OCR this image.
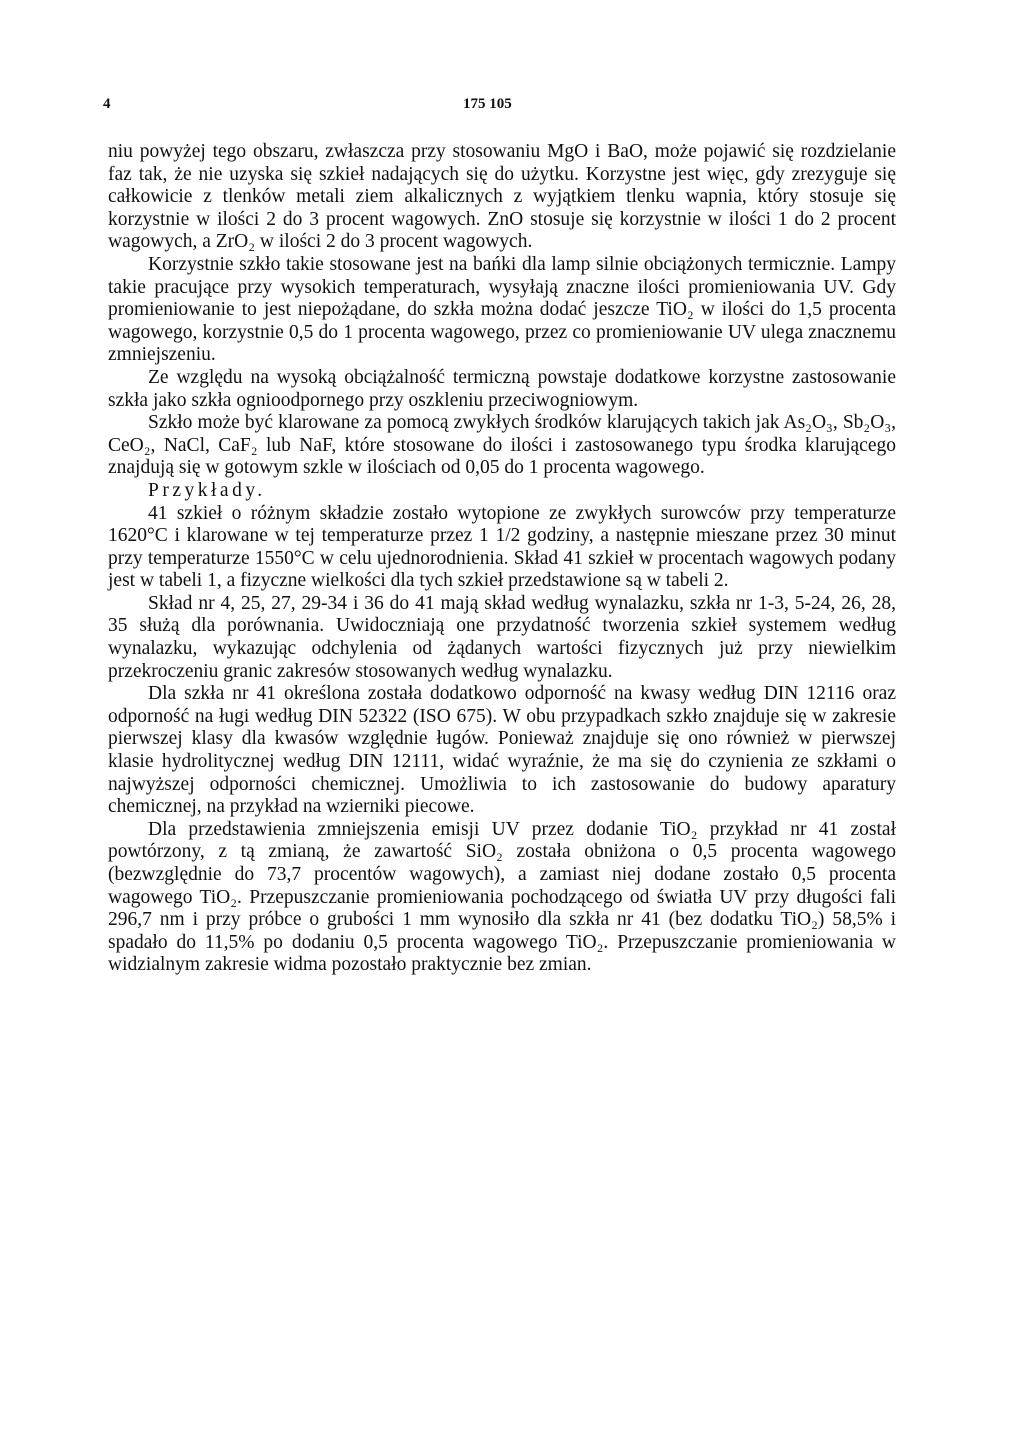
4	175 105

niu powyżej tego obszaru, zwłaszcza przy stosowaniu MgO i BaO, może pojawić się rozdzielanie faz tak, że nie uzyska się szkieł nadających się do użytku. Korzystne jest więc, gdy zrezyguje się całkowicie z tlenków metali ziem alkalicznych z wyjątkiem tlenku wapnia, który stosuje się korzystnie w ilości 2 do 3 procent wagowych. ZnO stosuje się korzystnie w ilości 1 do 2 procent wagowych, a ZrO₂ w ilości 2 do 3 procent wagowych.

Korzystnie szkło takie stosowane jest na bańki dla lamp silnie obciążonych termicznie. Lampy takie pracujące przy wysokich temperaturach, wysyłają znaczne ilości promieniowania UV. Gdy promieniowanie to jest niepożądane, do szkła można dodać jeszcze TiO₂ w ilości do 1,5 procenta wagowego, korzystnie 0,5 do 1 procenta wagowego, przez co promieniowanie UV ulega znacznemu zmniejszeniu.

Ze względu na wysoką obciążalność termiczną powstaje dodatkowe korzystne zastosowanie szkła jako szkła ognioodpornego przy oszkleniu przeciwogniowym.

Szkło może być klarowane za pomocą zwykłych środków klarujących takich jak As₂O₃, Sb₂O₃, CeO₂, NaCl, CaF₂ lub NaF, które stosowane do ilości i zastosowanego typu środka klarującego znajdują się w gotowym szkle w ilościach od 0,05 do 1 procenta wagowego.

Przykłady.

41 szkieł o różnym składzie zostało wytopione ze zwykłych surowców przy temperaturze 1620°C i klarowane w tej temperaturze przez 1 1/2 godziny, a następnie mieszane przez 30 minut przy temperaturze 1550°C w celu ujednorodnienia. Skład 41 szkieł w procentach wagowych podany jest w tabeli 1, a fizyczne wielkości dla tych szkieł przedstawione są w tabeli 2.

Skład nr 4, 25, 27, 29-34 i 36 do 41 mają skład według wynalazku, szkła nr 1-3, 5-24, 26, 28, 35 służą dla porównania. Uwidoczniają one przydatność tworzenia szkieł systemem według wynalazku, wykazując odchylenia od żądanych wartości fizycznych już przy niewielkim przekroczeniu granic zakresów stosowanych według wynalazku.

Dla szkła nr 41 określona została dodatkowo odporność na kwasy według DIN 12116 oraz odporność na ługi według DIN 52322 (ISO 675). W obu przypadkach szkło znajduje się w zakresie pierwszej klasy dla kwasów względnie ługów. Ponieważ znajduje się ono również w pierwszej klasie hydrolitycznej według DIN 12111, widać wyraźnie, że ma się do czynienia ze szkłami o najwyższej odporności chemicznej. Umożliwia to ich zastosowanie do budowy aparatury chemicznej, na przykład na wzierniki piecowe.

Dla przedstawienia zmniejszenia emisji UV przez dodanie TiO₂ przykład nr 41 został powtórzony, z tą zmianą, że zawartość SiO₂ została obniżona o 0,5 procenta wagowego (bezwzględnie do 73,7 procentów wagowych), a zamiast niej dodane zostało 0,5 procenta wagowego TiO₂. Przepuszczanie promieniowania pochodzącego od światła UV przy długości fali 296,7 nm i przy próbce o grubości 1 mm wynosiło dla szkła nr 41 (bez dodatku TiO₂) 58,5% i spadało do 11,5% po dodaniu 0,5 procenta wagowego TiO₂. Przepuszczanie promieniowania w widzialnym zakresie widma pozostało praktycznie bez zmian.
